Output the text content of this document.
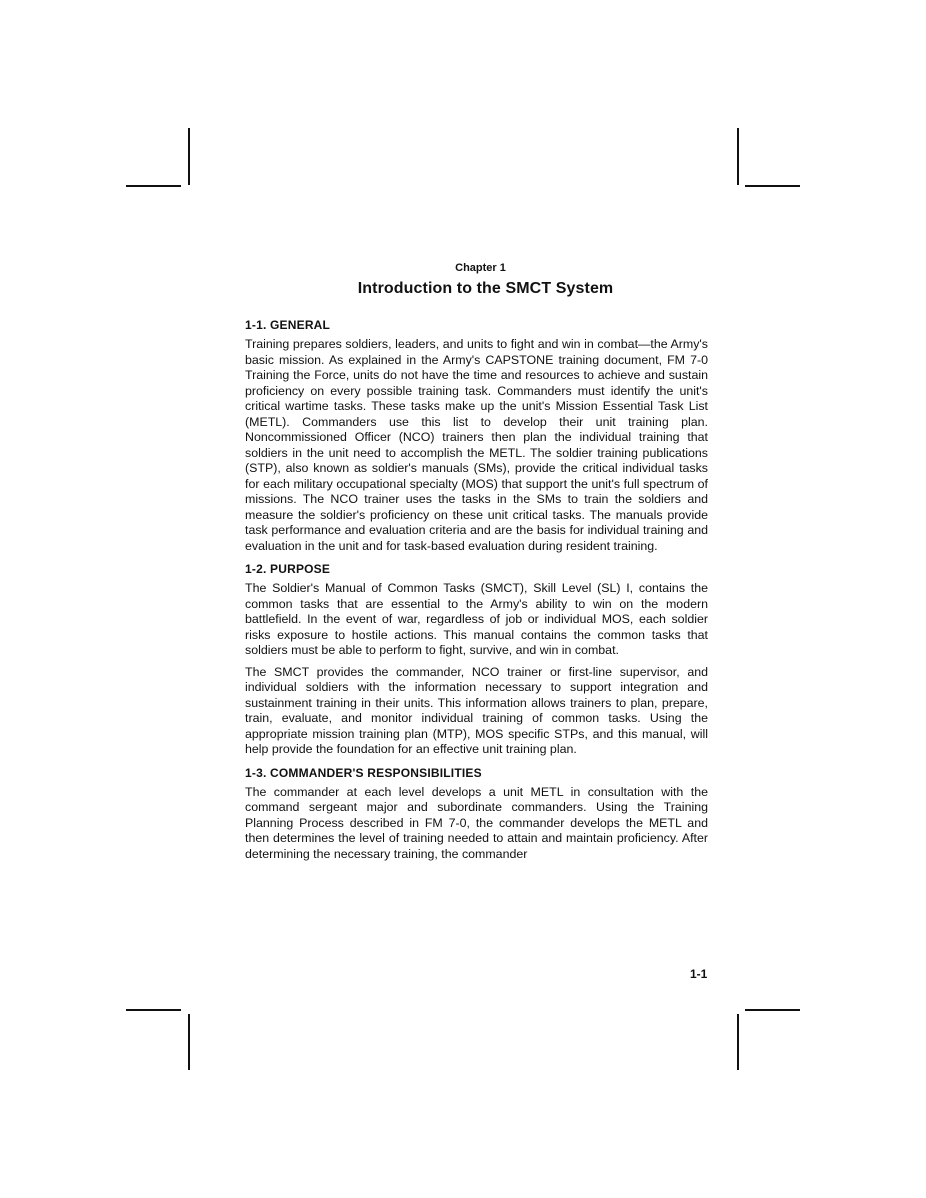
Chapter 1
Introduction to the SMCT System
1-1. GENERAL

Training prepares soldiers, leaders, and units to fight and win in combat—the Army's basic mission. As explained in the Army's CAPSTONE training document, FM 7-0 Training the Force, units do not have the time and resources to achieve and sustain proficiency on every possible training task. Commanders must identify the unit's critical wartime tasks. These tasks make up the unit's Mission Essential Task List (METL). Commanders use this list to develop their unit training plan. Noncommissioned Officer (NCO) trainers then plan the individual training that soldiers in the unit need to accomplish the METL. The soldier training publications (STP), also known as soldier's manuals (SMs), provide the critical individual tasks for each military occupational specialty (MOS) that support the unit's full spectrum of missions. The NCO trainer uses the tasks in the SMs to train the soldiers and measure the soldier's proficiency on these unit critical tasks. The manuals provide task performance and evaluation criteria and are the basis for individual training and evaluation in the unit and for task-based evaluation during resident training.

1-2. PURPOSE

The Soldier's Manual of Common Tasks (SMCT), Skill Level (SL) I, contains the common tasks that are essential to the Army's ability to win on the modern battlefield. In the event of war, regardless of job or individual MOS, each soldier risks exposure to hostile actions. This manual contains the common tasks that soldiers must be able to perform to fight, survive, and win in combat.

The SMCT provides the commander, NCO trainer or first-line supervisor, and individual soldiers with the information necessary to support integration and sustainment training in their units. This information allows trainers to plan, prepare, train, evaluate, and monitor individual training of common tasks. Using the appropriate mission training plan (MTP), MOS specific STPs, and this manual, will help provide the foundation for an effective unit training plan.

1-3. COMMANDER'S RESPONSIBILITIES

The commander at each level develops a unit METL in consultation with the command sergeant major and subordinate commanders. Using the Training Planning Process described in FM 7-0, the commander develops the METL and then determines the level of training needed to attain and maintain proficiency. After determining the necessary training, the commander

1-1
